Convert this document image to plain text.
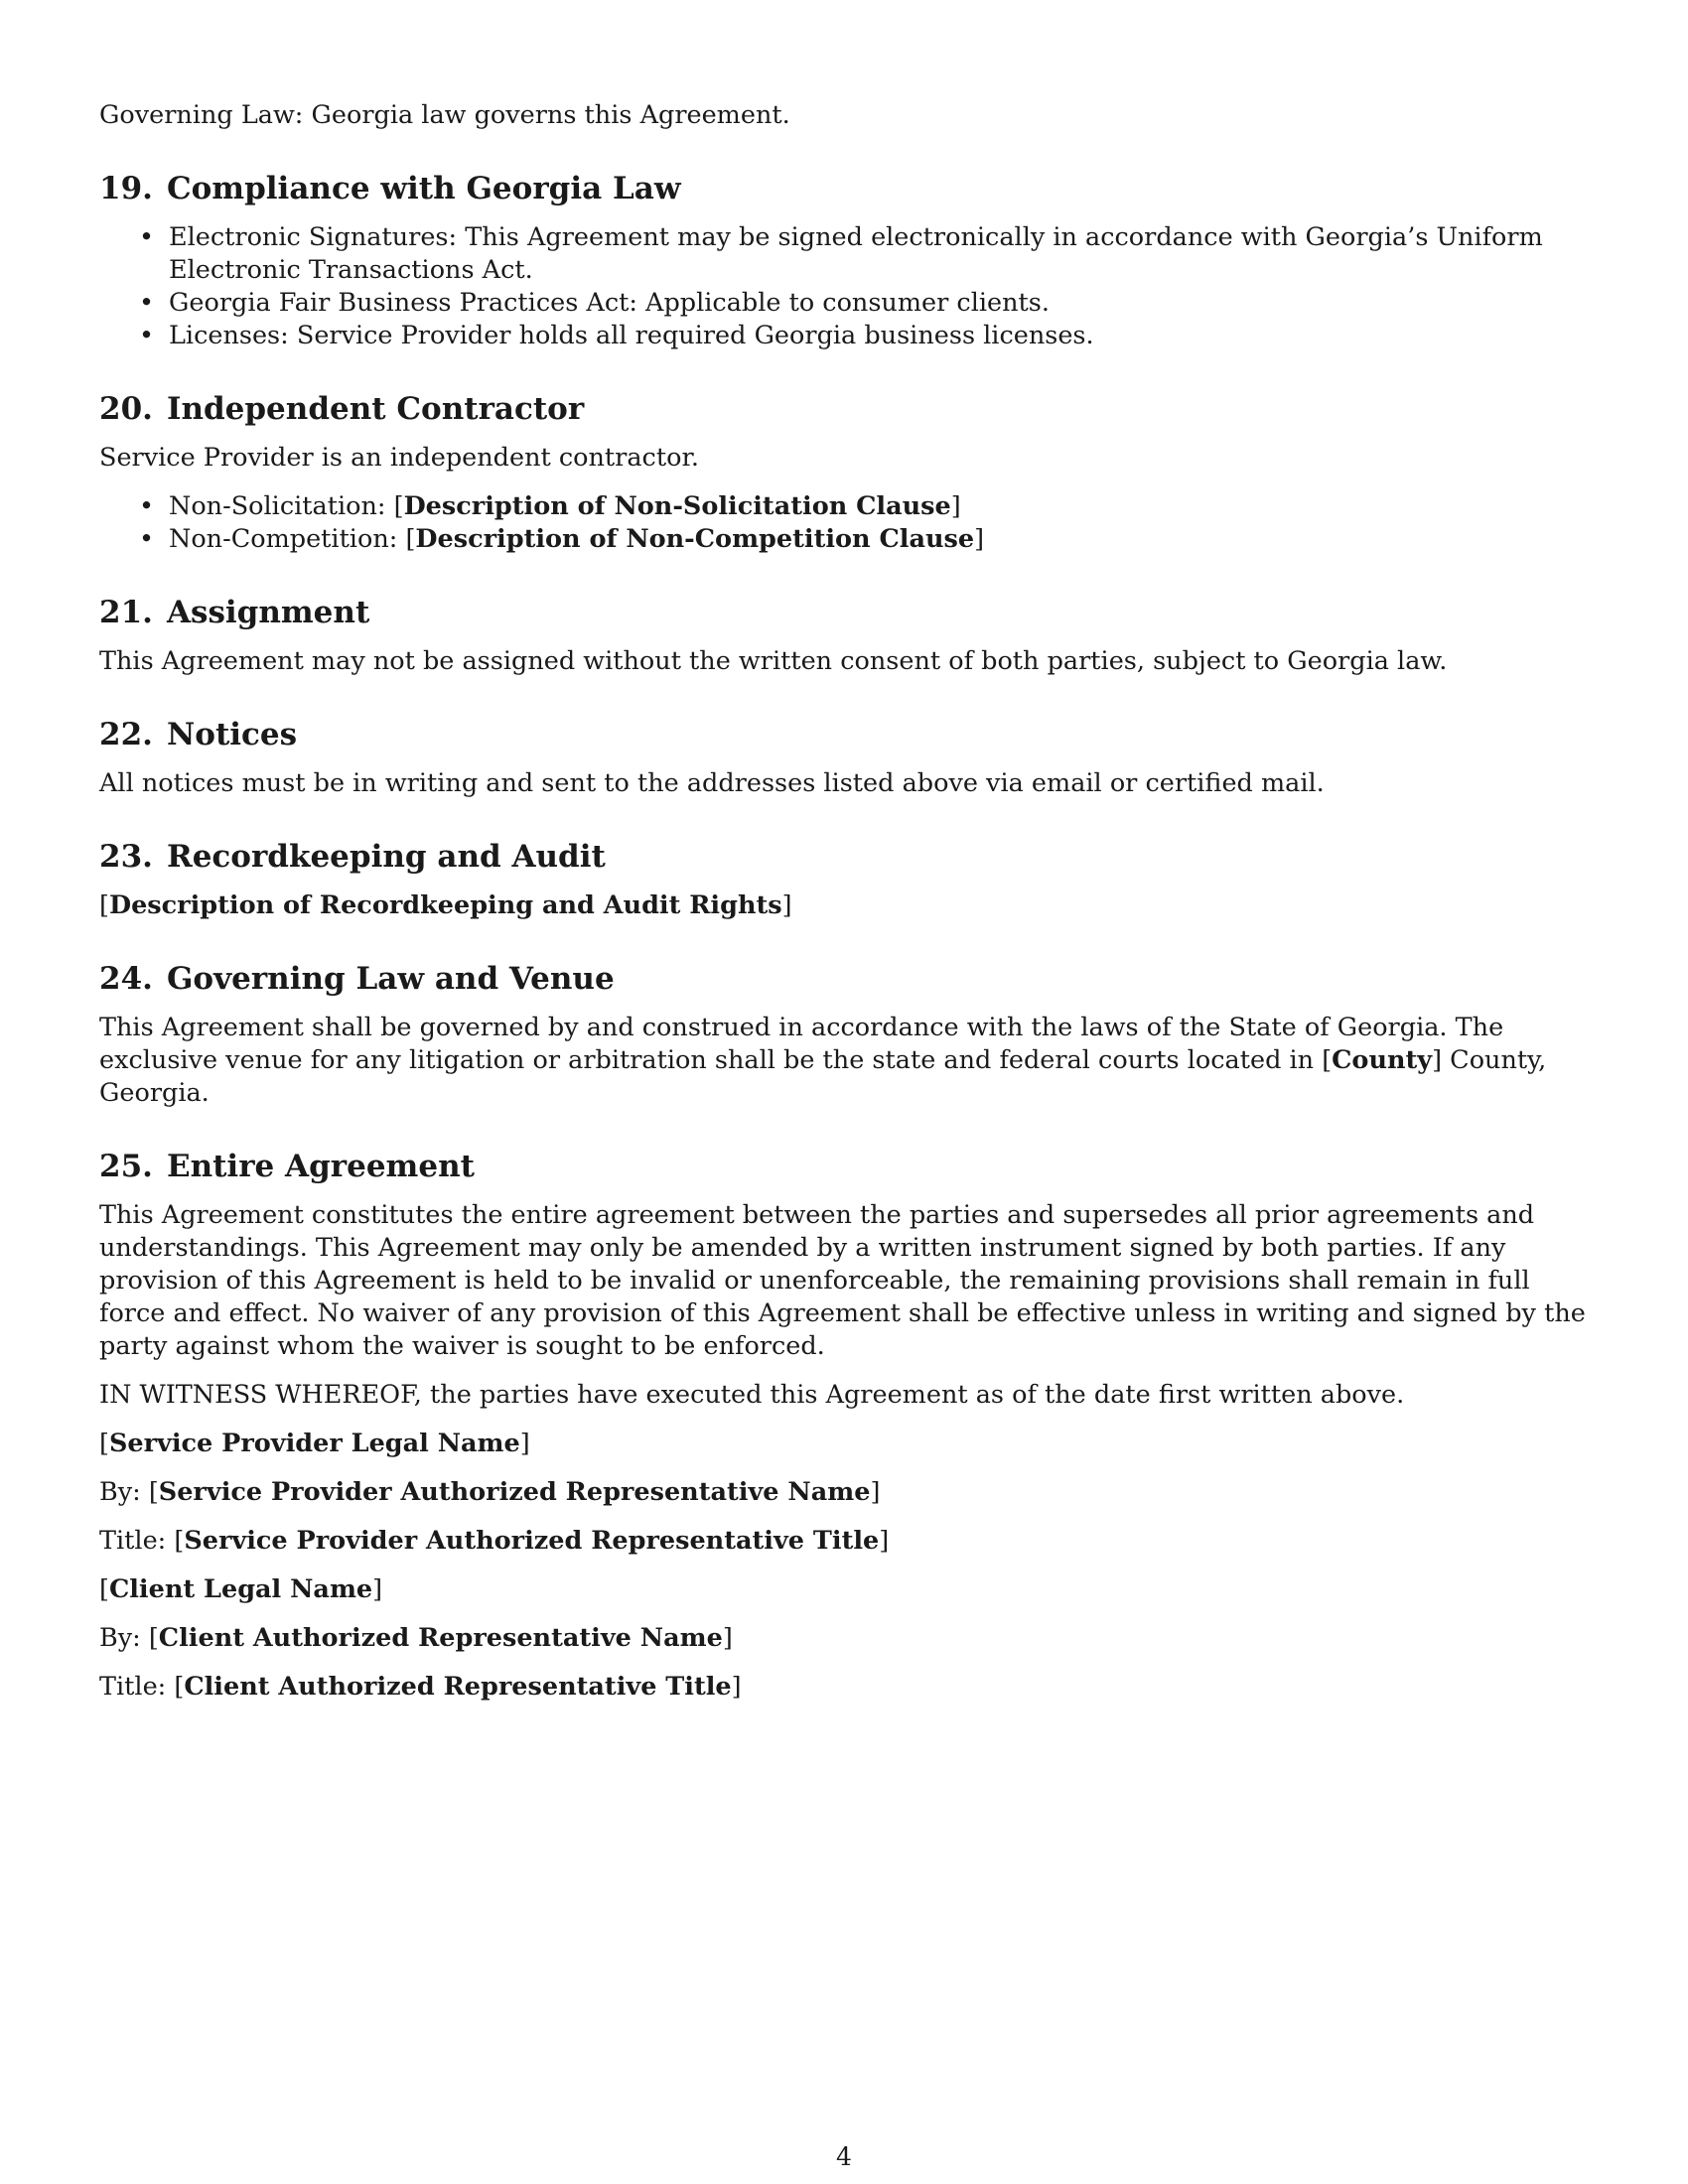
Governing Law: Georgia law governs this Agreement.

19. Compliance with Georgia Law
• Electronic Signatures: This Agreement may be signed electronically in accordance with Georgia’s Uniform Electronic Transactions Act.
• Georgia Fair Business Practices Act: Applicable to consumer clients.
• Licenses: Service Provider holds all required Georgia business licenses.
20. Independent Contractor

Service Provider is an independent contractor.

• Non-Solicitation: [Description of Non-Solicitation Clause]
• Non-Competition: [Description of Non-Competition Clause]
21. Assignment

This Agreement may not be assigned without the written consent of both parties, subject to Georgia law.

22. Notices

All notices must be in writing and sent to the addresses listed above via email or certified mail.

23. Recordkeeping and Audit

[Description of Recordkeeping and Audit Rights]

24. Governing Law and Venue

This Agreement shall be governed by and construed in accordance with the laws of the State of Georgia. The exclusive venue for any litigation or arbitration shall be the state and federal courts located in [County] County, Georgia.

25. Entire Agreement

This Agreement constitutes the entire agreement between the parties and supersedes all prior agreements and understandings. This Agreement may only be amended by a written instrument signed by both parties. If any provision of this Agreement is held to be invalid or unenforceable, the remaining provisions shall remain in full force and effect. No waiver of any provision of this Agreement shall be effective unless in writing and signed by the party against whom the waiver is sought to be enforced.

IN WITNESS WHEREOF, the parties have executed this Agreement as of the date first written above.

[Service Provider Legal Name]

By: [Service Provider Authorized Representative Name]

Title: [Service Provider Authorized Representative Title]

[Client Legal Name]

By: [Client Authorized Representative Name]

Title: [Client Authorized Representative Title]

4
